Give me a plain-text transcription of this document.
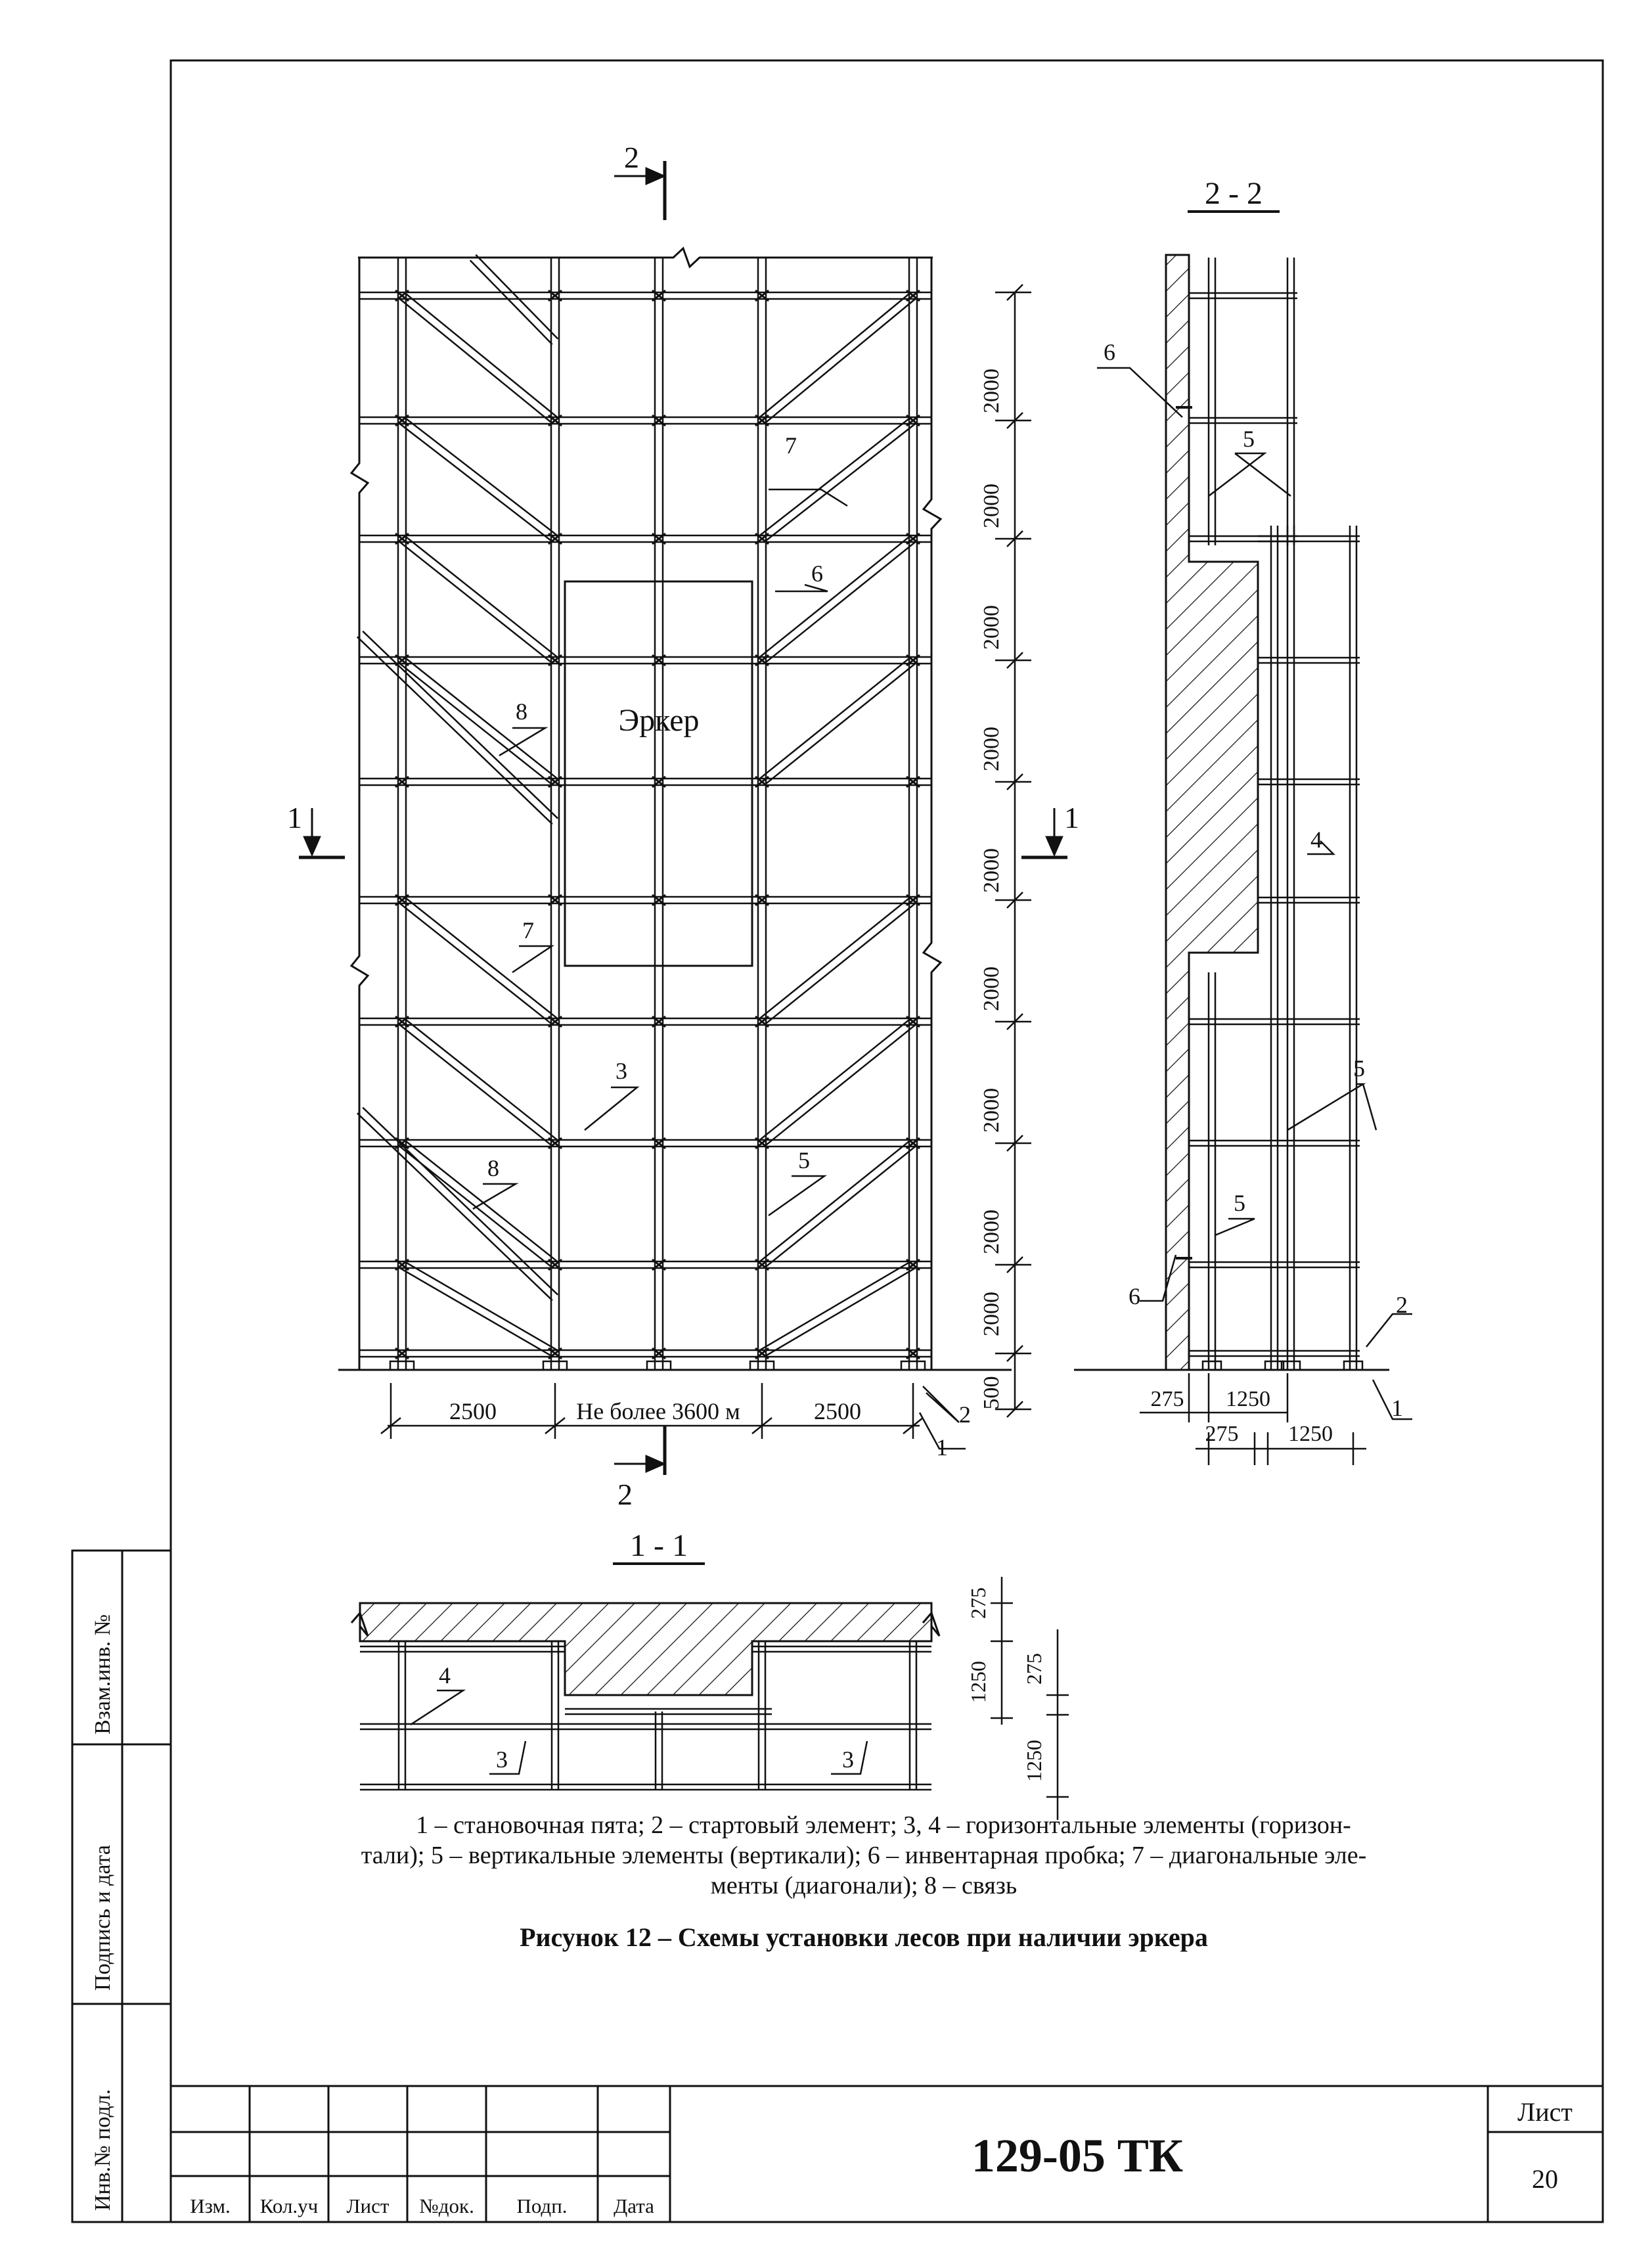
Взам.инв. №
Подпись и дата
Инв.№ подл.	Изм. Кол.уч Лист №док. Подп. Дата
129-05 ТК
Лист
20
Эркер
2000
2000
2000
2000
2000
2000
2000
2000
2000
500
2500	Не более 3600 м	2500
2
2
1	1
7
6
8
7
3
8	5
2
1
2 - 2
275 1250
275 1250
6
5
4
5
5
6	2
1
1 - 1
275
1250 275
1250
4
3	3
1 – становочная пята; 2 – стартовый элемент; 3, 4 – горизонтальные элементы (горизон-
тали); 5 – вертикальные элементы (вертикали); 6 – инвентарная пробка; 7 – диагональные эле-
менты (диагонали); 8 – связь
Рисунок 12 – Схемы установки лесов при наличии эркера
